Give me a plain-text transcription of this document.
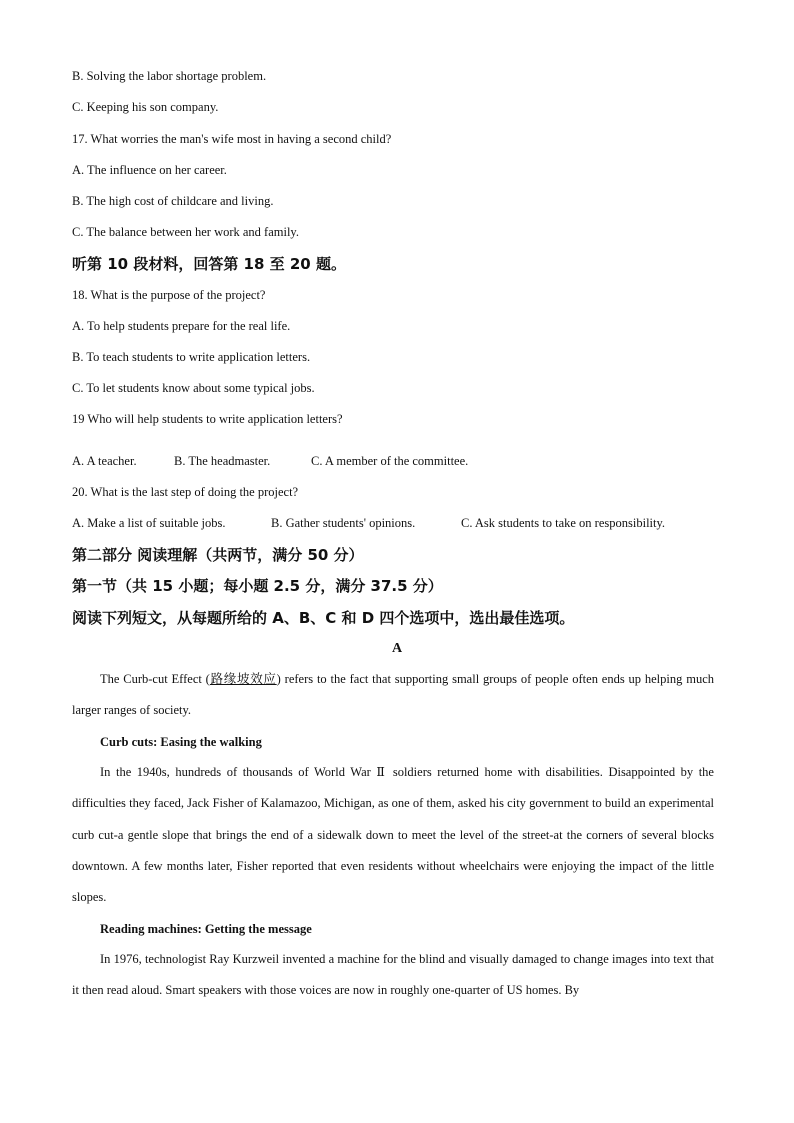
B. Solving the labor shortage problem.
C. Keeping his son company.
17. What worries the man's wife most in having a second child?
A. The influence on her career.
B. The high cost of childcare and living.
C. The balance between her work and family.
听第 10 段材料，回答第 18 至 20 题。
18. What is the purpose of the project?
A. To help students prepare for the real life.
B. To teach students to write application letters.
C. To let students know about some typical jobs.
19 Who will help students to write application letters?
A. A teacher.	B. The headmaster.	C. A member of the committee.
20. What is the last step of doing the project?
A. Make a list of suitable jobs.	B. Gather students' opinions.	C. Ask students to take on responsibility.
第二部分 阅读理解（共两节，满分 50 分）
第一节（共 15 小题；每小题 2.5 分，满分 37.5 分）
阅读下列短文，从每题所给的 A、B、C 和 D 四个选项中，选出最佳选项。
A
The Curb-cut Effect (路缘坡效应) refers to the fact that supporting small groups of people often ends up helping much larger ranges of society.
Curb cuts: Easing the walking
In the 1940s, hundreds of thousands of World War Ⅱ soldiers returned home with disabilities. Disappointed by the difficulties they faced, Jack Fisher of Kalamazoo, Michigan, as one of them, asked his city government to build an experimental curb cut-a gentle slope that brings the end of a sidewalk down to meet the level of the street-at the corners of several blocks downtown. A few months later, Fisher reported that even residents without wheelchairs were enjoying the impact of the little slopes.
Reading machines: Getting the message
In 1976, technologist Ray Kurzweil invented a machine for the blind and visually damaged to change images into text that it then read aloud. Smart speakers with those voices are now in roughly one-quarter of US homes. By
